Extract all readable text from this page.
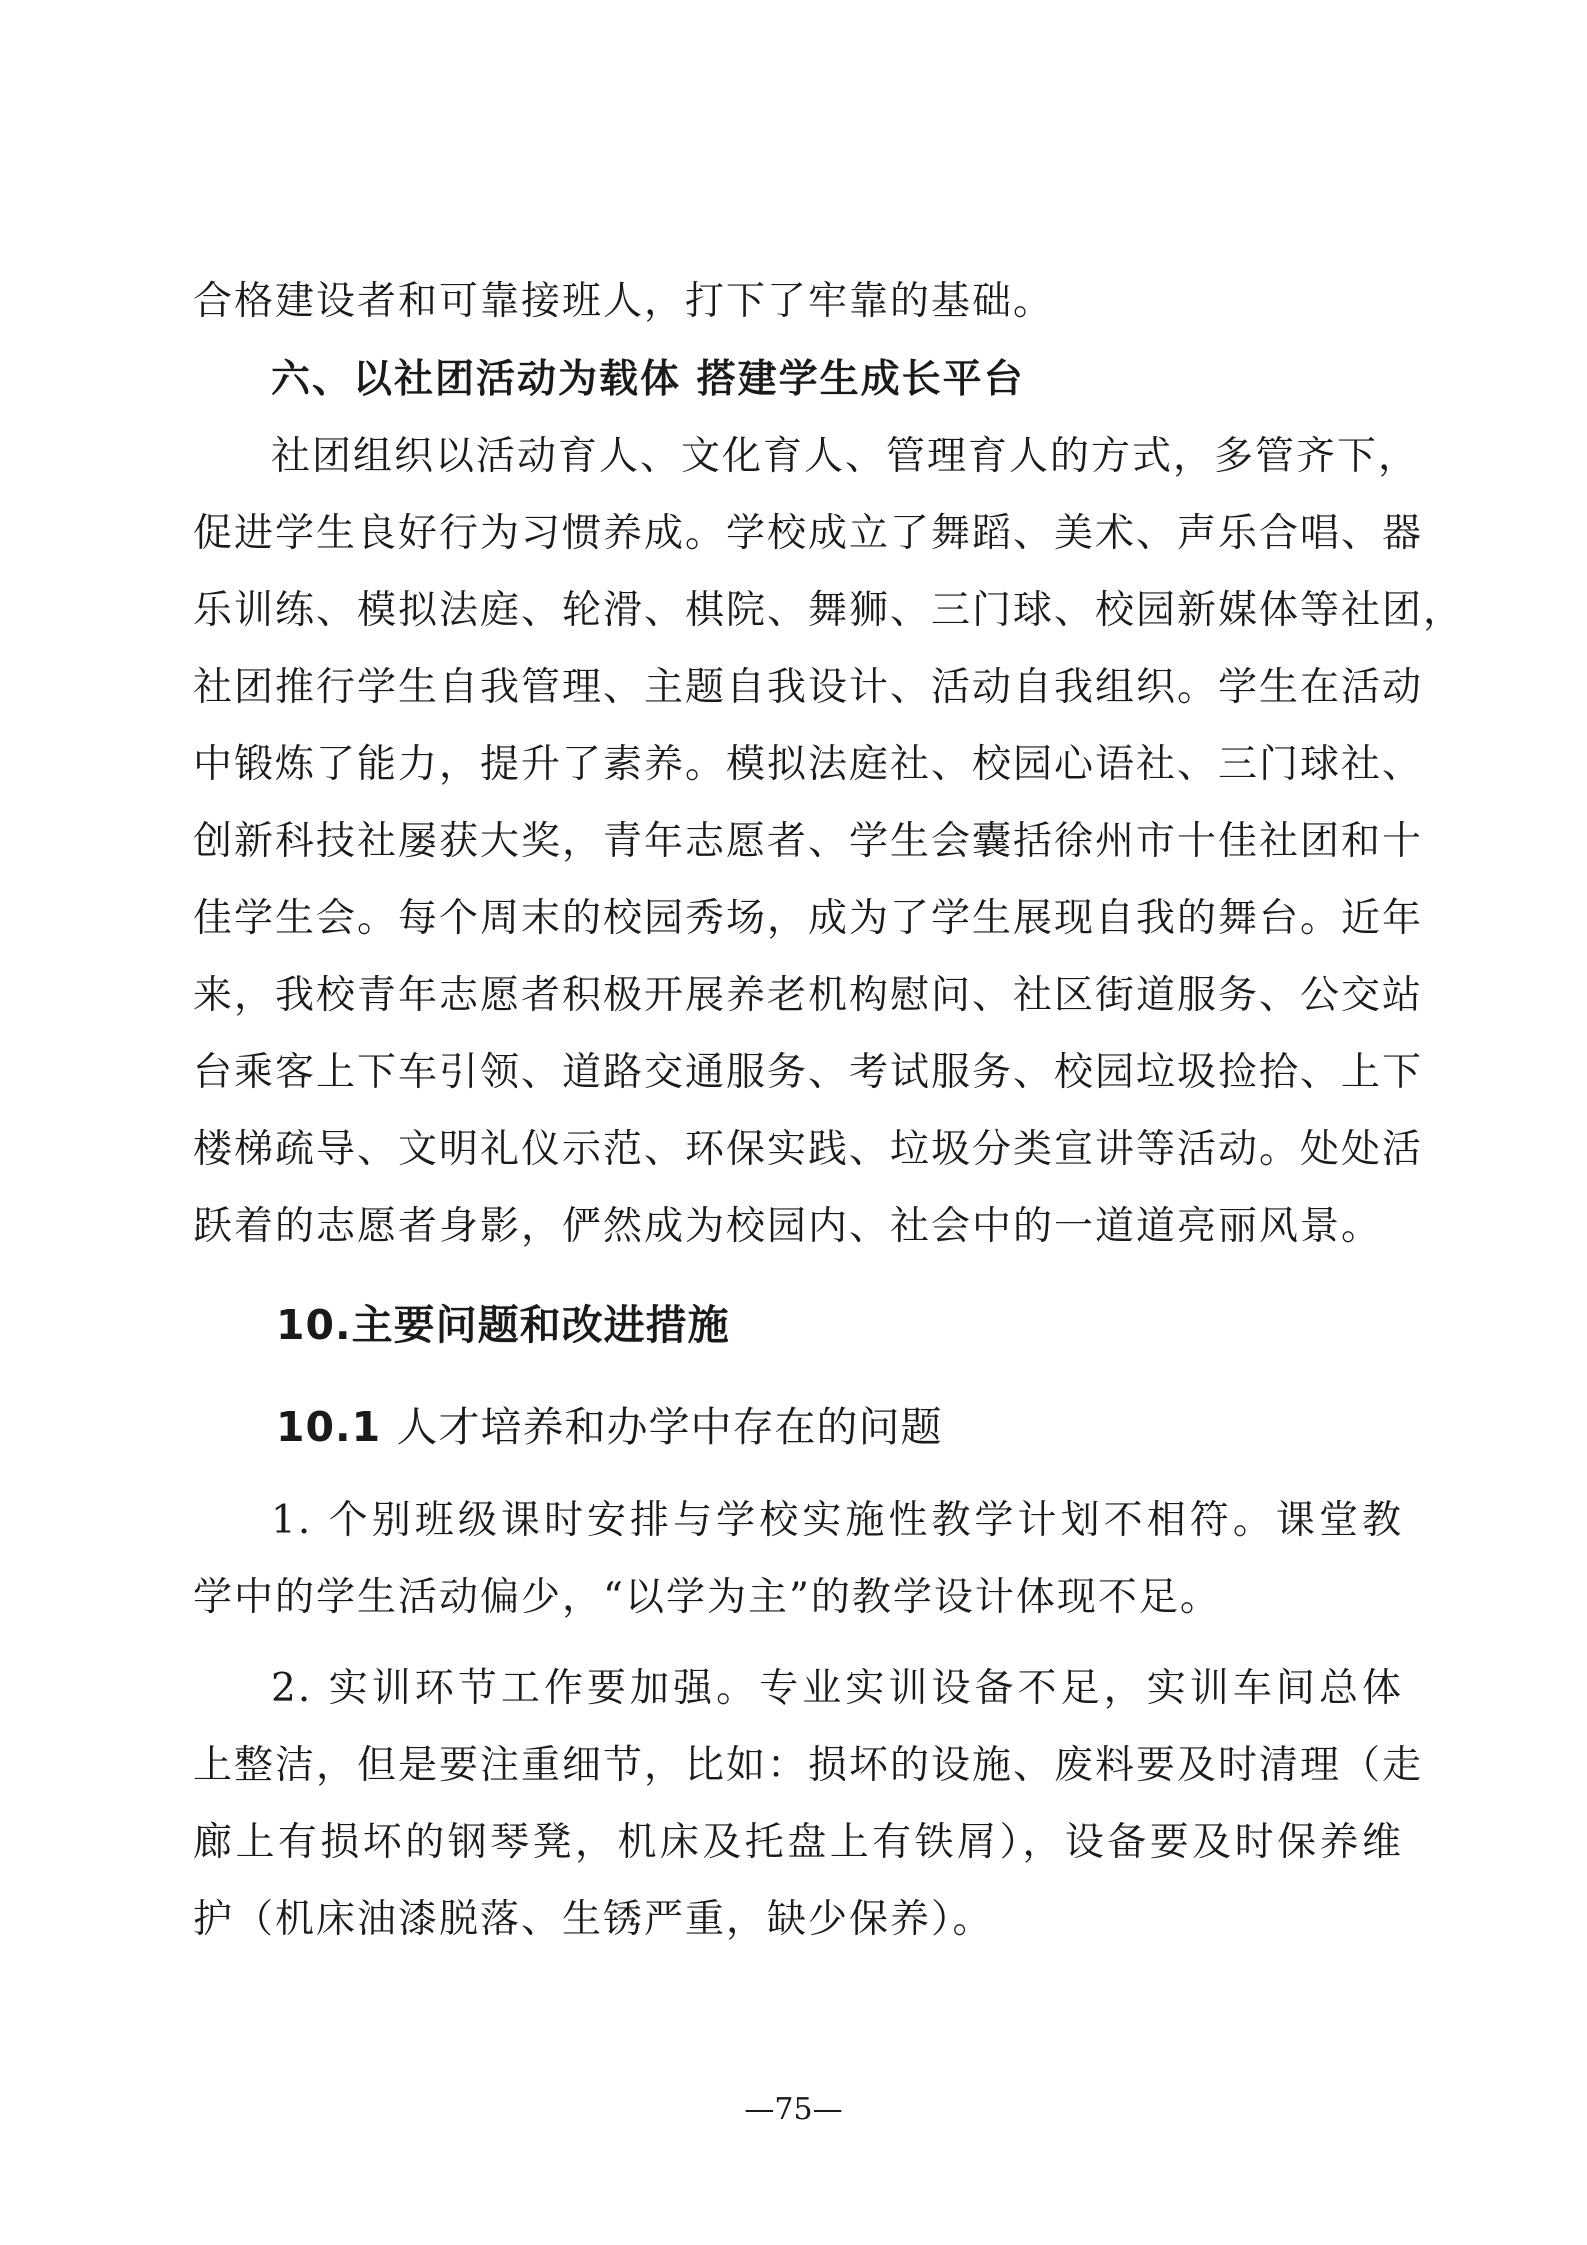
合格建设者和可靠接班人，打下了牢靠的基础。
六、以社团活动为载体 搭建学生成长平台
社团组织以活动育人、文化育人、管理育人的方式，多管齐下，
促进学生良好行为习惯养成。学校成立了舞蹈、美术、声乐合唱、器
乐训练、模拟法庭、轮滑、棋院、舞狮、三门球、校园新媒体等社团，
社团推行学生自我管理、主题自我设计、活动自我组织。学生在活动
中锻炼了能力，提升了素养。模拟法庭社、校园心语社、三门球社、
创新科技社屡获大奖，青年志愿者、学生会囊括徐州市十佳社团和十
佳学生会。每个周末的校园秀场，成为了学生展现自我的舞台。近年
来，我校青年志愿者积极开展养老机构慰问、社区街道服务、公交站
台乘客上下车引领、道路交通服务、考试服务、校园垃圾捡拾、上下
楼梯疏导、文明礼仪示范、环保实践、垃圾分类宣讲等活动。处处活
跃着的志愿者身影，俨然成为校园内、社会中的一道道亮丽风景。
10.主要问题和改进措施
10.1 人才培养和办学中存在的问题
1. 个别班级课时安排与学校实施性教学计划不相符。课堂教
学中的学生活动偏少，“以学为主”的教学设计体现不足。
2. 实训环节工作要加强。专业实训设备不足，实训车间总体
上整洁，但是要注重细节，比如：损坏的设施、废料要及时清理（走
廊上有损坏的钢琴凳，机床及托盘上有铁屑），设备要及时保养维
护（机床油漆脱落、生锈严重，缺少保养）。
—75—
